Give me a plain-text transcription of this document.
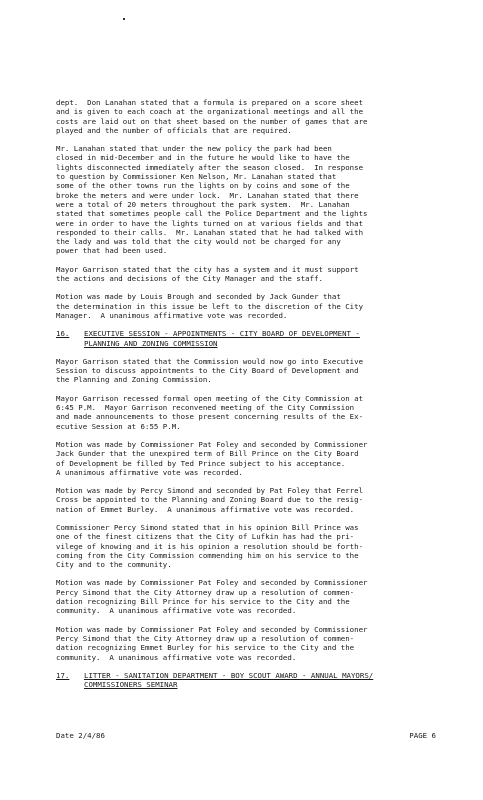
dept.  Don Lanahan stated that a formula is prepared on a score sheet
and is given to each coach at the organizational meetings and all the
costs are laid out on that sheet based on the number of games that are
played and the number of officials that are required.

Mr. Lanahan stated that under the new policy the park had been
closed in mid-December and in the future he would like to have the
lights disconnected immediately after the season closed.  In response
to question by Commissioner Ken Nelson, Mr. Lanahan stated that
some of the other towns run the lights on by coins and some of the
broke the meters and were under lock.  Mr. Lanahan stated that there
were a total of 20 meters throughout the park system.  Mr. Lanahan
stated that sometimes people call the Police Department and the lights
were in order to have the lights turned on at various fields and that
responded to their calls.  Mr. Lanahan stated that he had talked with
the lady and was told that the city would not be charged for any
power that had been used.

Mayor Garrison stated that the city has a system and it must support
the actions and decisions of the City Manager and the staff.

Motion was made by Louis Brough and seconded by Jack Gunder that
the determination in this issue be left to the discretion of the City
Manager.  A unanimous affirmative vote was recorded.

16.	EXECUTIVE SESSION - APPOINTMENTS - CITY BOARD OF DEVELOPMENT -
PLANNING AND ZONING COMMISSION

Mayor Garrison stated that the Commission would now go into Executive
Session to discuss appointments to the City Board of Development and
the Planning and Zoning Commission.

Mayor Garrison recessed formal open meeting of the City Commission at
6:45 P.M.  Mayor Garrison reconvened meeting of the City Commission
and made announcements to those present concerning results of the Ex-
ecutive Session at 6:55 P.M.

Motion was made by Commissioner Pat Foley and seconded by Commissioner
Jack Gunder that the unexpired term of Bill Prince on the City Board
of Development be filled by Ted Prince subject to his acceptance.
A unanimous affirmative vote was recorded.

Motion was made by Percy Simond and seconded by Pat Foley that Ferrel
Cross be appointed to the Planning and Zoning Board due to the resig-
nation of Emmet Burley.  A unanimous affirmative vote was recorded.

Commissioner Percy Simond stated that in his opinion Bill Prince was
one of the finest citizens that the City of Lufkin has had the pri-
vilege of knowing and it is his opinion a resolution should be forth-
coming from the City Commission commending him on his service to the
City and to the community.

Motion was made by Commissioner Pat Foley and seconded by Commissioner
Percy Simond that the City Attorney draw up a resolution of commen-
dation recognizing Bill Prince for his service to the City and the
community.  A unanimous affirmative vote was recorded.

Motion was made by Commissioner Pat Foley and seconded by Commissioner
Percy Simond that the City Attorney draw up a resolution of commen-
dation recognizing Emmet Burley for his service to the City and the
community.  A unanimous affirmative vote was recorded.

17.	LITTER - SANITATION DEPARTMENT - BOY SCOUT AWARD - ANNUAL MAYORS/
COMMISSIONERS SEMINAR
Date 2/4/86	PAGE 6
